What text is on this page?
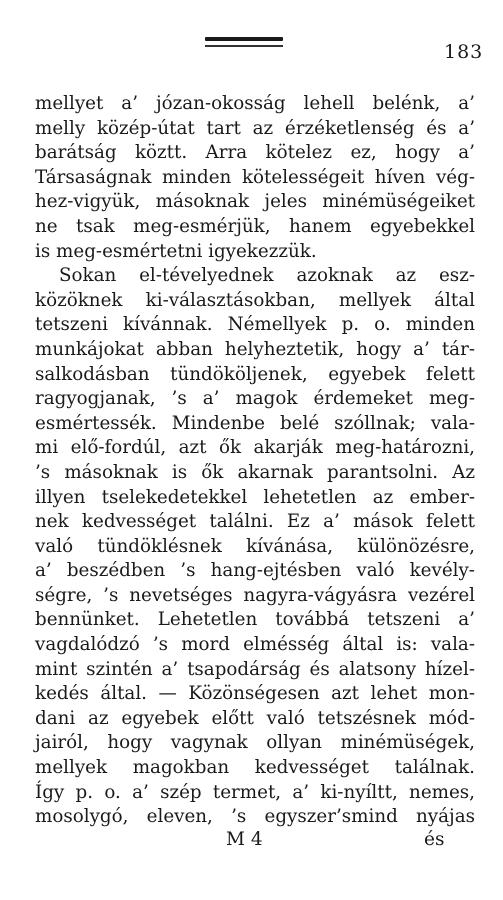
183
mellyet a’ józan-okosság lehell belénk, a’
melly közép-útat tart az érzéketlenség és a’
barátság köztt. Arra kötelez ez, hogy a’
Társaságnak minden kötelességeit híven vég-
hez-vigyük, másoknak jeles minémüségeiket
ne tsak meg-esmérjük, hanem egyebekkel
is meg-esmértetni igyekezzük.
Sokan el-tévelyednek azoknak az esz-
közöknek ki-választásokban, mellyek által
tetszeni kívánnak. Némellyek p. o. minden
munkájokat abban helyheztetik, hogy a’ tár-
salkodásban tündököljenek, egyebek felett
ragyogjanak, ’s a’ magok érdemeket meg-
esmértessék. Mindenbe belé szóllnak; vala-
mi elő-fordúl, azt ők akarják meg-határozni,
’s másoknak is ők akarnak parantsolni. Az
illyen tselekedetekkel lehetetlen az ember-
nek kedvességet találni. Ez a’ mások felett
való tündöklésnek kívánása, különözésre,
a’ beszédben ’s hang-ejtésben való kevély-
ségre, ’s nevetséges nagyra-vágyásra vezérel
bennünket. Lehetetlen továbbá tetszeni a’
vagdalódzó ’s mord elmésség által is: vala-
mint szintén a’ tsapodárság és alatsony hízel-
kedés által. — Közönségesen azt lehet mon-
dani az egyebek előtt való tetszésnek mód-
jairól, hogy vagynak ollyan minémüségek,
mellyek magokban kedvességet találnak.
Így p. o. a’ szép termet, a’ ki-nyíltt, nemes,
mosolygó, eleven, ’s egyszer’smind nyájas
M 4	és
